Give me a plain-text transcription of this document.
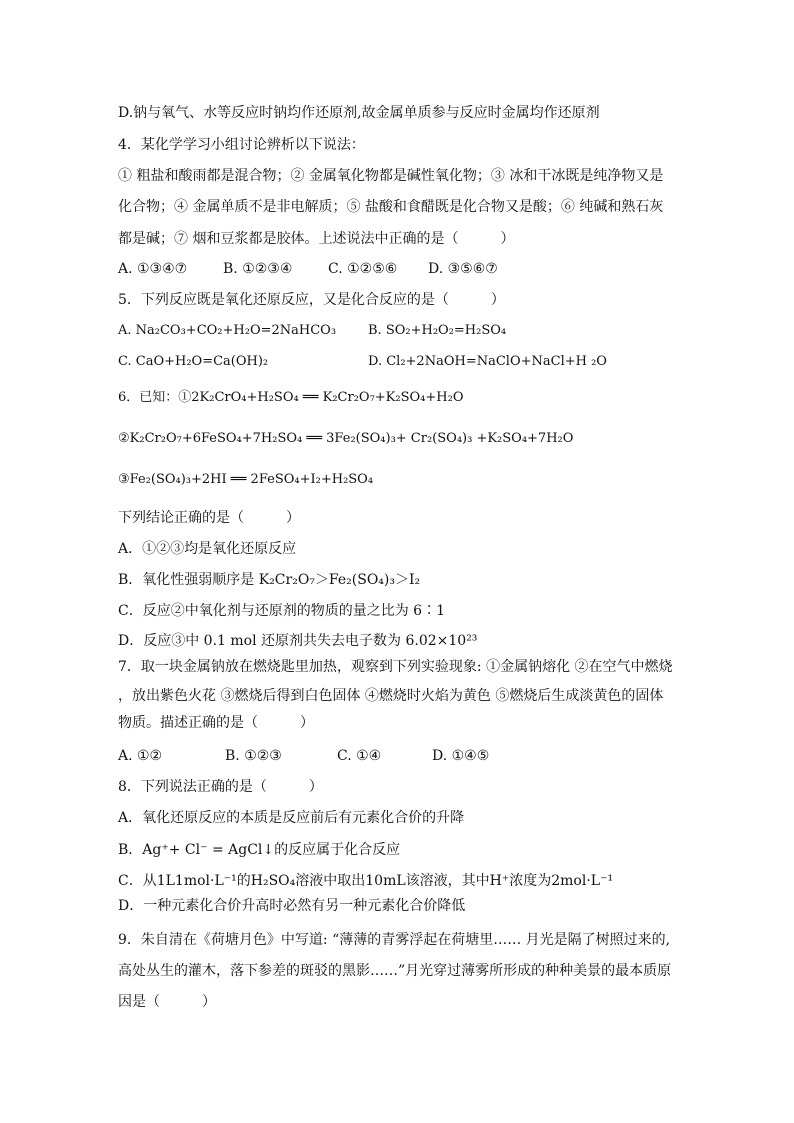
D.钠与氧气、水等反应时钠均作还原剂,故金属单质参与反应时金属均作还原剂
4．某化学学习小组讨论辨析以下说法：
① 粗盐和酸雨都是混合物；② 金属氧化物都是碱性氧化物；③ 冰和干冰既是纯净物又是
化合物；④ 金属单质不是非电解质；⑤ 盐酸和食醋既是化合物又是酸；⑥ 纯碱和熟石灰
都是碱；⑦ 烟和豆浆都是胶体。上述说法中正确的是（　　　）
A. ①③④⑦	B. ①②③④	C. ①②⑤⑥ D. ③⑤⑥⑦
5．下列反应既是氧化还原反应，又是化合反应的是（　　　）
A. Na₂CO₃+CO₂+H₂O=2NaHCO₃ B. SO₂+H₂O₂=H₂SO₄
C. CaO+H₂O=Ca(OH)₂	D. Cl₂+2NaOH=NaClO+NaCl+H ₂O
6．已知：①2K₂CrO₄+H₂SO₄ ══ K₂Cr₂O₇+K₂SO₄+H₂O
②K₂Cr₂O₇+6FeSO₄+7H₂SO₄ ══ 3Fe₂(SO₄)₃+ Cr₂(SO₄)₃ +K₂SO₄+7H₂O
③Fe₂(SO₄)₃+2HI ══ 2FeSO₄+I₂+H₂SO₄
下列结论正确的是（　　　）
A．①②③均是氧化还原反应
B．氧化性强弱顺序是 K₂Cr₂O₇＞Fe₂(SO₄)₃＞I₂
C．反应②中氧化剂与还原剂的物质的量之比为 6∶1
D．反应③中 0.1 mol 还原剂共失去电子数为 6.02×10²³
7．取一块金属钠放在燃烧匙里加热，观察到下列实验现象: ①金属钠熔化 ②在空气中燃烧
，放出紫色火花 ③燃烧后得到白色固体 ④燃烧时火焰为黄色 ⑤燃烧后生成淡黄色的固体
物质。描述正确的是（　　　）
A. ①②	B. ①②③	C. ①④	D. ①④⑤
8．下列说法正确的是（　　　）
A．氧化还原反应的本质是反应前后有元素化合价的升降
B．Ag⁺+ Cl⁻ = AgCl↓的反应属于化合反应
C．从1L1mol·L⁻¹的H₂SO₄溶液中取出10mL该溶液，其中H⁺浓度为2mol·L⁻¹
D．一种元素化合价升高时必然有另一种元素化合价降低
9．朱自清在《荷塘月色》中写道: “薄薄的青雾浮起在荷塘里…… 月光是隔了树照过来的,
高处丛生的灌木，落下参差的斑驳的黑影……”月光穿过薄雾所形成的种种美景的最本质原
因是（　　　）
